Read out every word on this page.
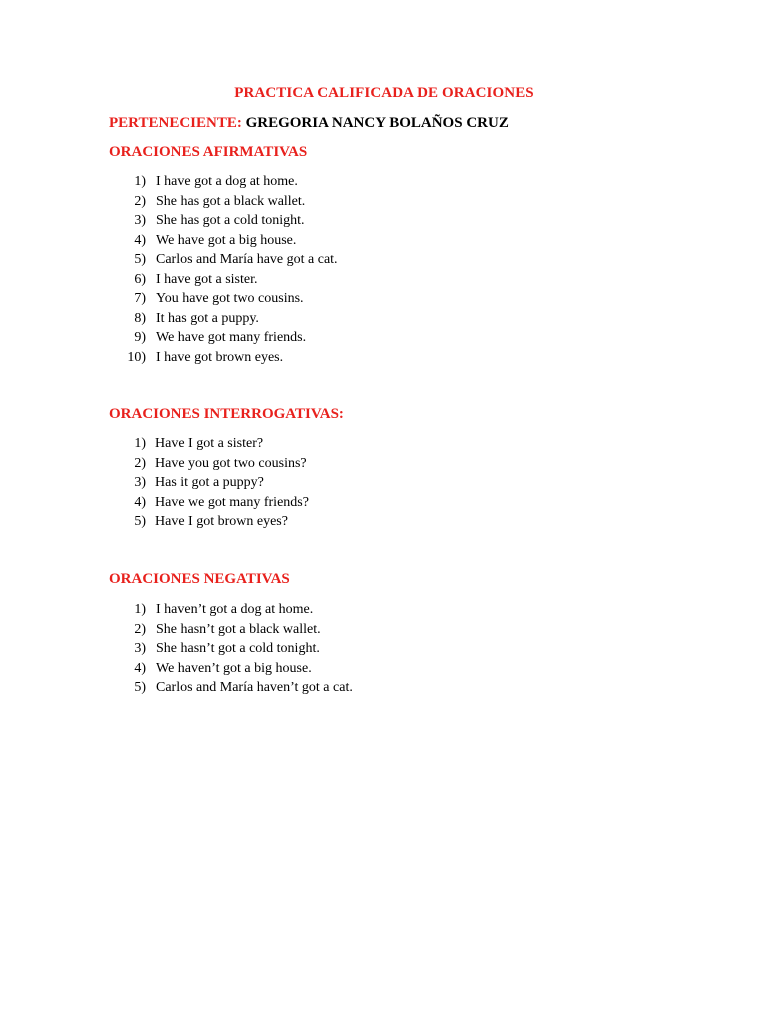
PRACTICA CALIFICADA DE ORACIONES

PERTENECIENTE: GREGORIA NANCY BOLAÑOS CRUZ

ORACIONES AFIRMATIVAS
1) I have got a dog at home.
2) She has got a black wallet.
3) She has got a cold tonight.
4) We have got a big house.
5) Carlos and María have got a cat.
6) I have got a sister.
7) You have got two cousins.
8) It has got a puppy.
9) We have got many friends.
10) I have got brown eyes.
ORACIONES INTERROGATIVAS:
1) Have I got a sister?
2) Have you got two cousins?
3) Has it got a puppy?
4) Have we got many friends?
5) Have I got brown eyes?
ORACIONES NEGATIVAS
1) I haven’t got a dog at home.
2) She hasn’t got a black wallet.
3) She hasn’t got a cold tonight.
4) We haven’t got a big house.
5) Carlos and María haven’t got a cat.
